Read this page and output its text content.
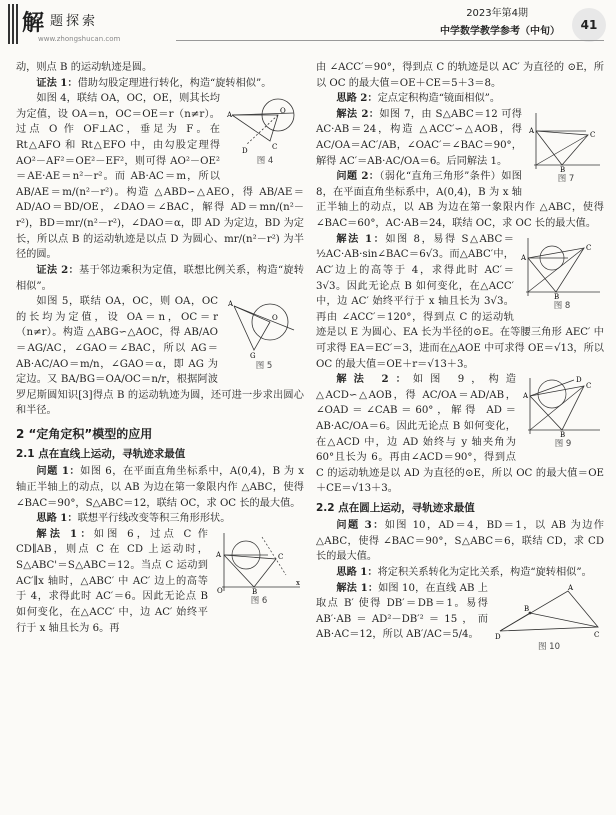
解 题探索
www.zhongshucan.com
2023年第4期
中学数学教学参考（中旬）	41

动，则点 B 的运动轨迹是圆。

证法 1：借助勾股定理进行转化，构造“旋转相似”。

A	O
C
D
图 4

如图 4，联结 OA，OC，OE，则其长均为定值，设 OA＝n，OC＝OE＝r（n≠r）。过点 O 作 OF⊥AC，垂足为 F。在 Rt△AFO 和 Rt△EFO 中，由勾股定理得 AO²－AF²＝OE²－EF²，则可得 AO²－OE²＝AE·AE＝n²－r²。而 AB·AC＝m，所以 AB/AE＝m/(n²－r²)。构造 △ABD∽△AEO，得 AB/AE＝AD/AO＝BD/OE，∠DAO＝∠BAC，解得 AD＝mn/(n²－r²)，BD＝mr/(n²－r²)，∠DAO＝α，即 AD 为定边，BD 为定长，所以点 B 的运动轨迹是以点 D 为圆心、mr/(n²－r²) 为半径的圆。

证法 2：基于邻边乘积为定值，联想比例关系，构造“旋转相似”。

A
O
G
图 5

如图 5，联结 OA，OC，则 OA，OC 的长均为定值，设 OA＝n，OC＝r（n≠r）。构造 △ABG∽△AOC，得 AB/AO＝AG/AC，∠GAO＝∠BAC，所以 AG＝AB·AC/AO＝m/n，∠GAO＝α，即 AG 为定边。又 BA/BG＝OA/OC＝n/r，根据阿波罗尼斯圆知识[3]得点 B 的运动轨迹为圆，还可进一步求出圆心和半径。

2 “定角定积”模型的应用
2.1 点在直线上运动，寻轨迹求最值

问题 1：如图 6，在平面直角坐标系中，A(0,4)，B 为 x 轴正半轴上的动点，以 AB 为边在第一象限内作 △ABC，使得 ∠BAC＝90°，S△ABC＝12，联结 OC，求 OC 长的最大值。

思路 1：联想平行线改变等积三角形形状。

A
O	B
C
x
图 6

解法 1：如图 6，过点 C 作 CD∥AB，则点 C 在 CD 上运动时，S△ABC'＝S△ABC＝12。当点 C 运动到 AC′∥x 轴时，△ABC′ 中 AC′ 边上的高等于 4，求得此时 AC′＝6。因此无论点 B 如何变化，在△ACC′ 中，边 AC′ 始终平行于 x 轴且长为 6。再

由 ∠ACC′＝90°，得到点 C 的轨迹是以 AC′ 为直径的 ⊙E，所以 OC 的最大值＝OE＋CE＝5＋3＝8。

思路 2：定点定积构造“镜面相似”。

A	C
B
图 7

解法 2：如图 7，由 S△ABC＝12 可得 AC·AB＝24，构造 △ACC′∽△AOB，得 AC/OA＝AC′/AB，∠OAC′＝∠BAC＝90°，解得 AC′＝AB·AC/OA＝6。后同解法 1。

问题 2：（弱化“直角三角形”条件）如图 8，在平面直角坐标系中，A(0,4)，B 为 x 轴正半轴上的动点，以 AB 为边在第一象限内作 △ABC，使得 ∠BAC＝60°，AC·AB＝24，联结 OC，求 OC 长的最大值。

A
C
B
图 8

解法 1：如图 8，易得 S△ABC＝½AC·AB·sin∠BAC＝6√3。而△ABC′中，AC′边上的高等于 4，求得此时 AC′＝3√3。因此无论点 B 如何变化，在△ACC′ 中，边 AC′ 始终平行于 x 轴且长为 3√3。再由 ∠ACC′＝120°，得到点 C 的运动轨迹是以 E 为圆心、EA 长为半径的⊙E。在等腰三角形 AEC′ 中可求得 EA＝EC′＝3，进而在△AOE 中可求得 OE＝√13，所以 OC 的最大值＝OE＋r＝√13＋3。

A
D
C
B
图 9

解法 2：如图 9，构造 △ACD∽△AOB，得 AC/OA＝AD/AB，∠OAD＝∠CAB＝60°，解得 AD＝AB·AC/OA＝6。因此无论点 B 如何变化，在△ACD 中，边 AD 始终与 y 轴夹角为 60°且长为 6。再由∠ACD＝90°，得到点 C 的运动轨迹是以 AD 为直径的⊙E，所以 OC 的最大值＝OE＋CE＝√13＋3。

2.2 点在圆上运动，寻轨迹求最值

问题 3：如图 10，AD＝4，BD＝1，以 AB 为边作 △ABC，使得 ∠BAC＝90°，S△ABC＝6，联结 CD，求 CD 长的最大值。

思路 1：将定积关系转化为定比关系，构造“旋转相似”。

D	C
A
B
图 10

解法 1：如图 10，在直线 AB 上取点 B′ 使得 DB′＝DB＝1。易得 AB′·AB＝AD²－DB′²＝15，而 AB·AC＝12，所以 AB′/AC＝5/4。
